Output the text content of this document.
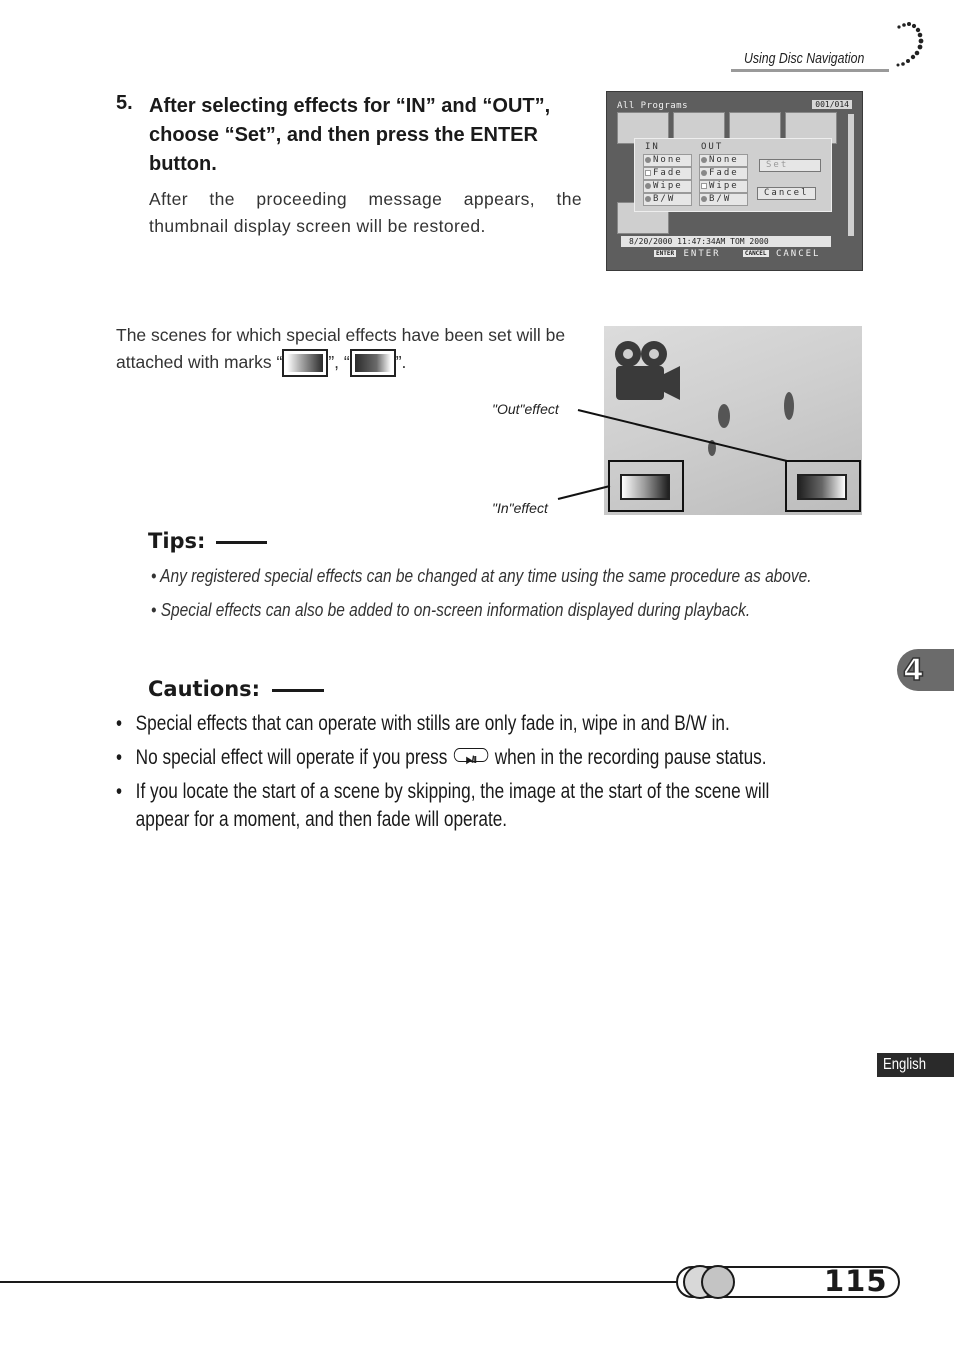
Using Disc Navigation
5. After selecting effects for “IN” and “OUT”, choose “Set”, and then press the ENTER button.
After the proceeding message appears, the thumbnail display screen will be restored.
All Programs	001/014
IN	OUT
None
Fade
Wipe
B/W
None
Fade
Wipe
B/W
Set
Cancel
8/20/2000 11:47:34AM TOM 2000
ENTER ENTER	CANCEL CANCEL
The scenes for which special effects have been set will be attached with marks “	”, “	”.
"Out"effect
"In"effect
Tips:
• Any registered special effects can be changed at any time using the same procedure as above.
• Special effects can also be added to on-screen information displayed during playback.
Cautions:
• Special effects that can operate with stills are only fade in, wipe in and B/W in.
• No special effect will operate if you press	▶/II when in the recording pause status.
• If you locate the start of a scene by skipping, the image at the start of the scene will appear for a moment, and then fade will operate.
4
English
115
